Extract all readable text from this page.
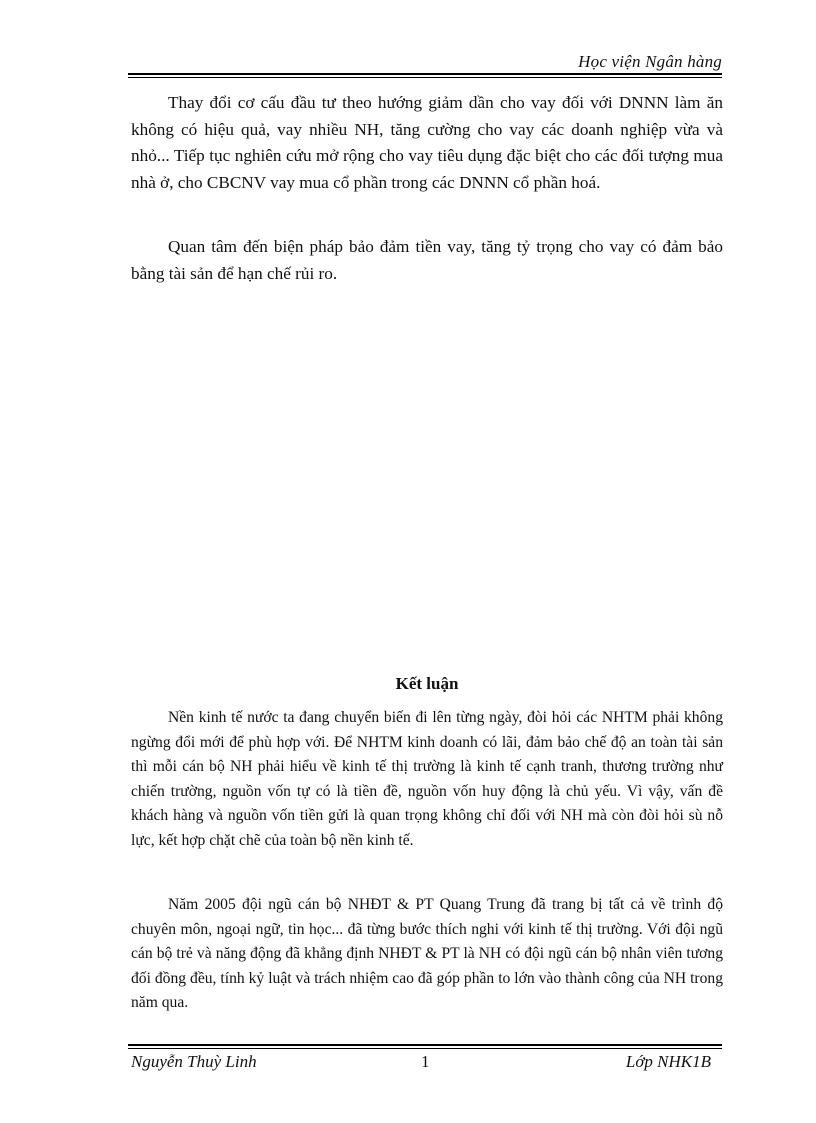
Học viện Ngân hàng

Thay đổi cơ cấu đầu tư theo hướng giảm dần cho vay đối với DNNN làm ăn không có hiệu quả, vay nhiều NH, tăng cường cho vay các doanh nghiệp vừa và nhỏ... Tiếp tục nghiên cứu mở rộng cho vay tiêu dụng đặc biệt cho các đối tượng mua nhà ở, cho CBCNV vay mua cổ phần trong các DNNN cổ phần hoá.

Quan tâm đến biện pháp bảo đảm tiền vay, tăng tỷ trọng cho vay có đảm bảo bằng tài sản để hạn chế rủi ro.

Kết luận

Nền kinh tế nước ta đang chuyển biến đi lên từng ngày, đòi hỏi các NHTM phải không ngừng đổi mới để phù hợp với. Để NHTM kinh doanh có lãi, đảm bảo chế độ an toàn tài sản thì mỗi cán bộ NH phải hiểu về kinh tế thị trường là kinh tế cạnh tranh, thương trường như chiến trường, nguồn vốn tự có là tiền đề, nguồn vốn huy động là chủ yếu. Vì vậy, vấn đề khách hàng và nguồn vốn tiền gửi là quan trọng không chỉ đối với NH mà còn đòi hỏi sù nỗ lực, kết hợp chặt chẽ của toàn bộ nền kinh tế.

Năm 2005 đội ngũ cán bộ NHĐT & PT Quang Trung đã trang bị tất cả về trình độ chuyên môn, ngoại ngữ, tin học... đã từng bước thích nghi với kinh tế thị trường. Với đội ngũ cán bộ trẻ và năng động đã khẳng định NHĐT & PT là NH có đội ngũ cán bộ nhân viên tương đối đồng đều, tính kỷ luật và trách nhiệm cao đã góp phần to lớn vào thành công của NH trong năm qua.

Nguyễn Thuỳ Linh	1	Lớp NHK1B
